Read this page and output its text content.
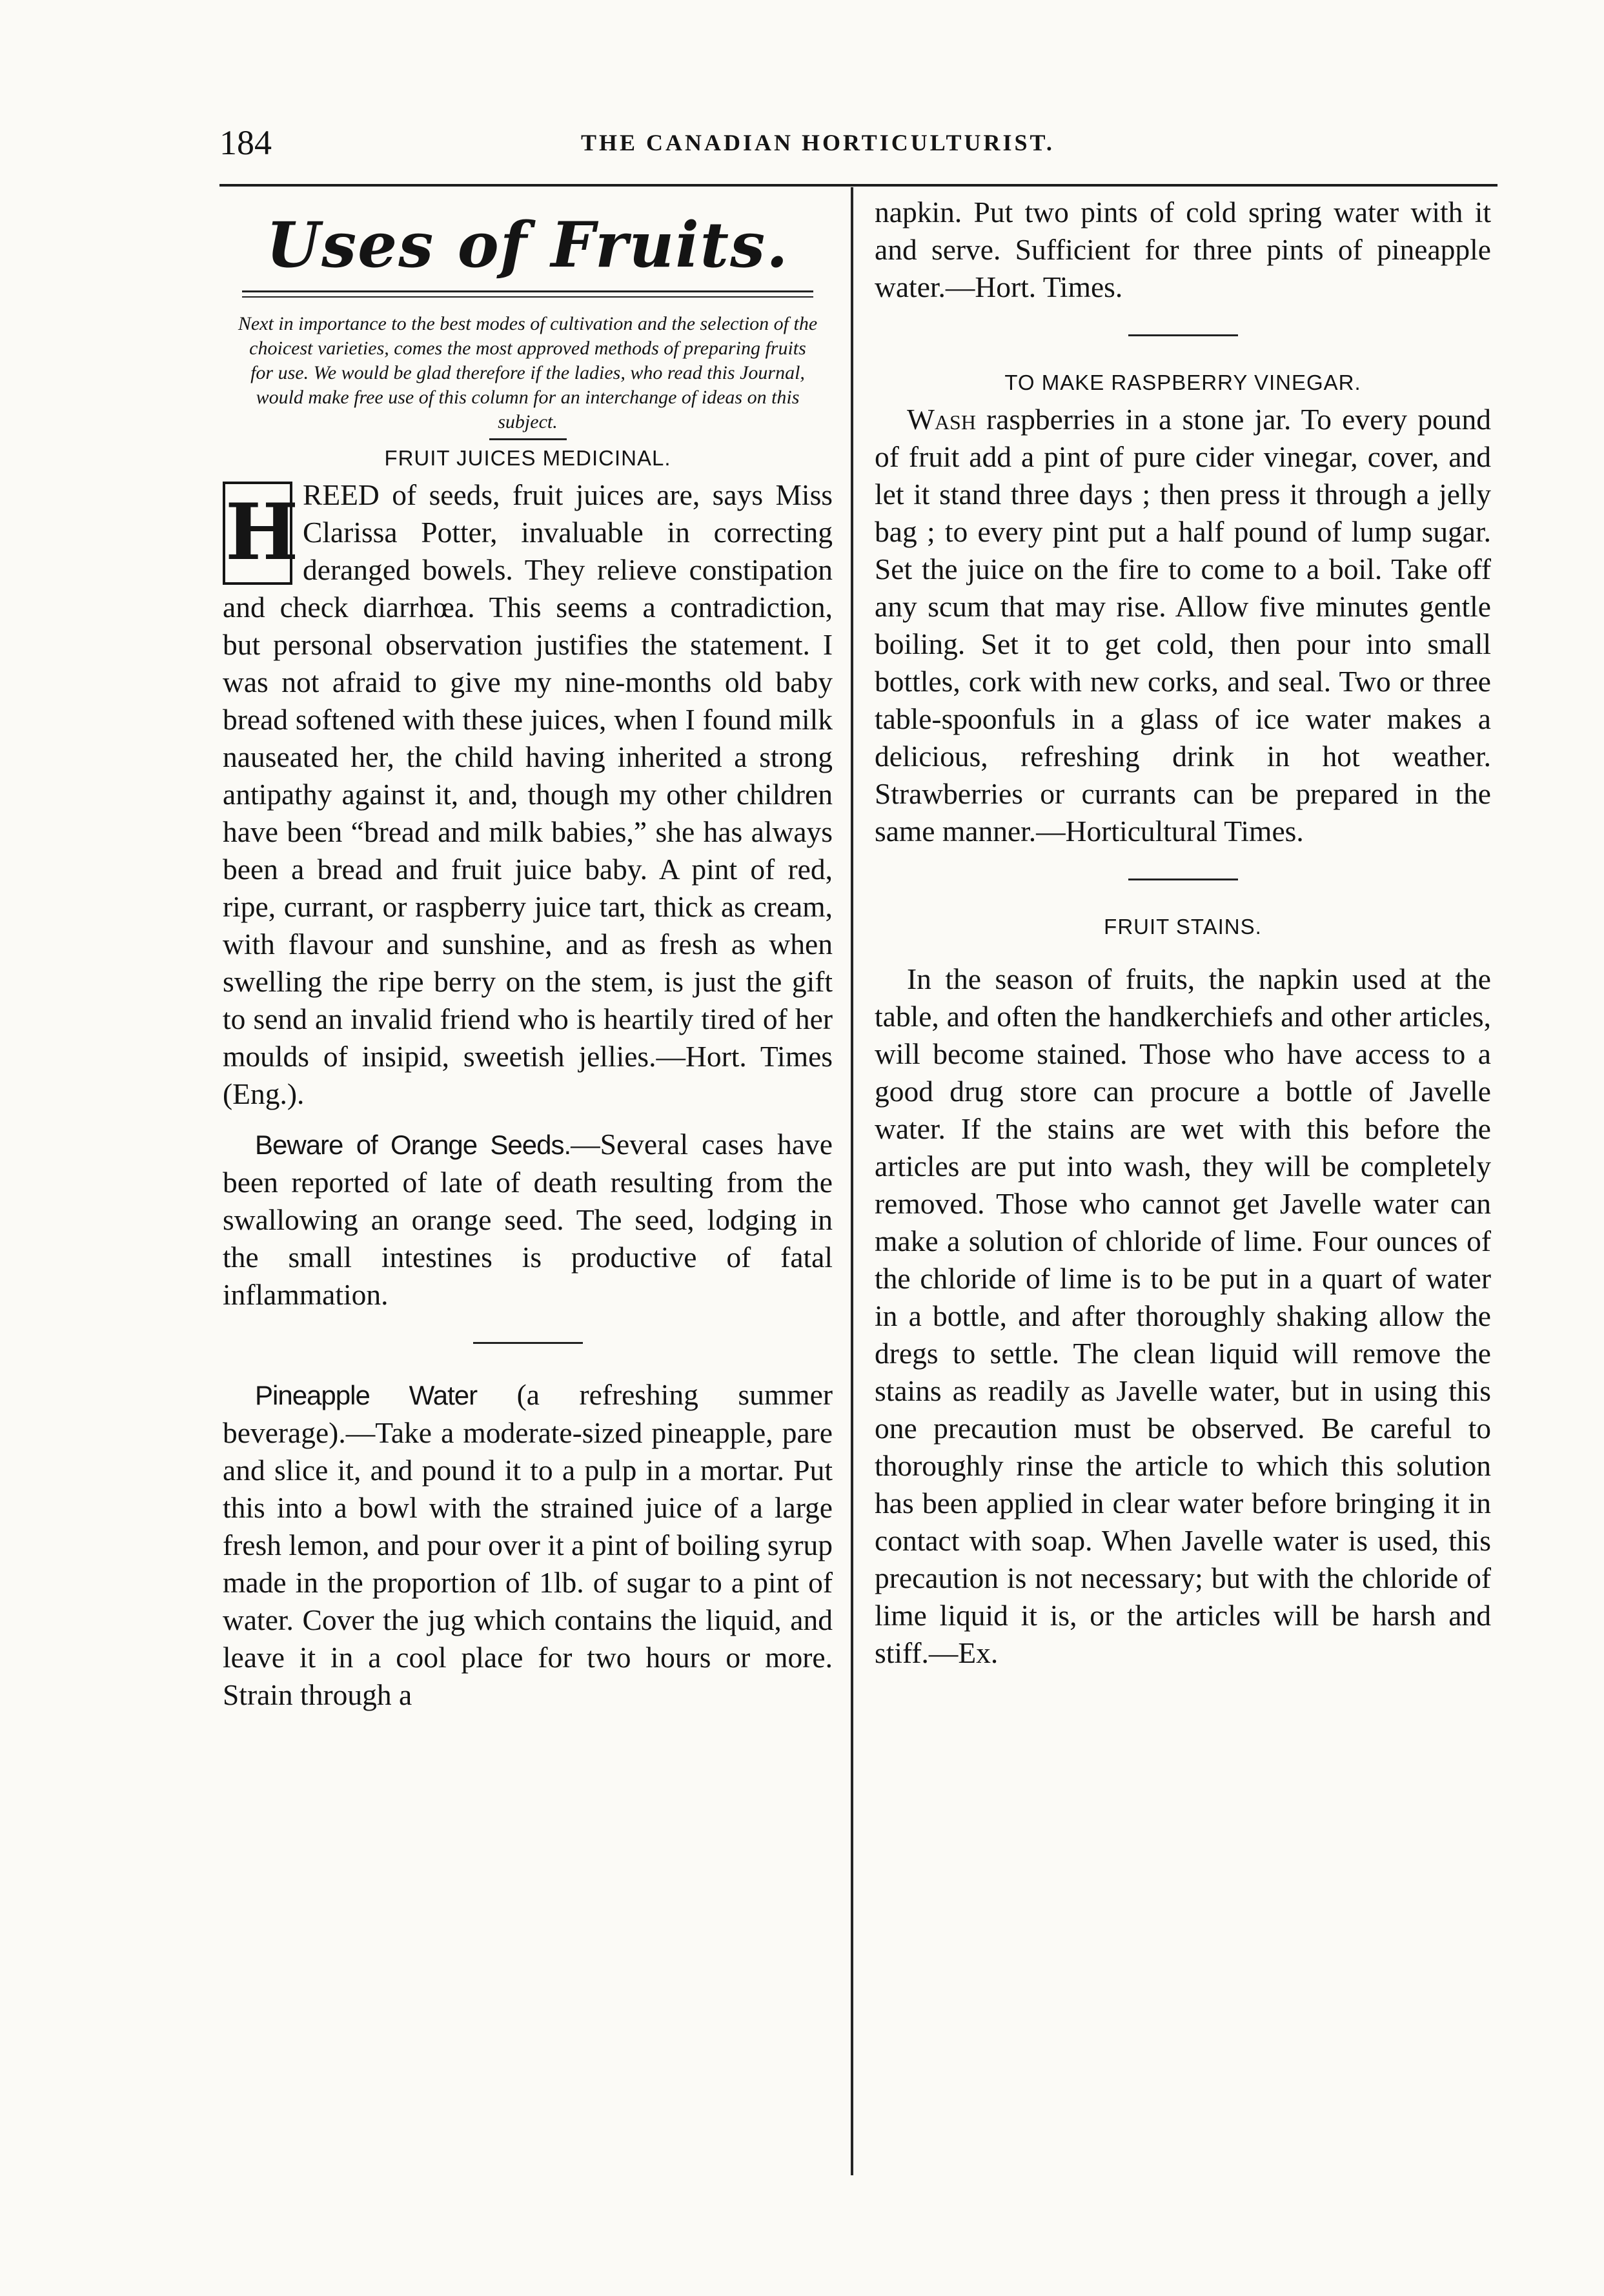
184	THE CANADIAN HORTICULTURIST.
Uses of Fruits.
Next in importance to the best modes of cultivation and the selection of the choicest varieties, comes the most approved methods of preparing fruits for use. We would be glad therefore if the ladies, who read this Journal, would make free use of this column for an interchange of ideas on this subject.
FRUIT JUICES MEDICINAL.
H REED of seeds, fruit juices are, says Miss Clarissa Potter, invaluable in correcting deranged bowels. They relieve constipation and check diarrhœa. This seems a contradiction, but personal observation justifies the statement. I was not afraid to give my nine-months old baby bread softened with these juices, when I found milk nauseated her, the child having inherited a strong antipathy against it, and, though my other children have been “bread and milk babies,” she has always been a bread and fruit juice baby. A pint of red, ripe, currant, or raspberry juice tart, thick as cream, with flavour and sunshine, and as fresh as when swelling the ripe berry on the stem, is just the gift to send an invalid friend who is heartily tired of her moulds of insipid, sweetish jellies.—Hort. Times (Eng.).

Beware of Orange Seeds.—Several cases have been reported of late of death resulting from the swallowing an orange seed. The seed, lodging in the small intestines is productive of fatal inflammation.

Pineapple Water (a refreshing summer beverage).—Take a moderate-sized pineapple, pare and slice it, and pound it to a pulp in a mortar. Put this into a bowl with the strained juice of a large fresh lemon, and pour over it a pint of boiling syrup made in the proportion of 1lb. of sugar to a pint of water. Cover the jug which contains the liquid, and leave it in a cool place for two hours or more. Strain through a

napkin. Put two pints of cold spring water with it and serve. Sufficient for three pints of pineapple water.—Hort. Times.

TO MAKE RASPBERRY VINEGAR.

Wash raspberries in a stone jar. To every pound of fruit add a pint of pure cider vinegar, cover, and let it stand three days ; then press it through a jelly bag ; to every pint put a half pound of lump sugar. Set the juice on the fire to come to a boil. Take off any scum that may rise. Allow five minutes gentle boiling. Set it to get cold, then pour into small bottles, cork with new corks, and seal. Two or three table-spoonfuls in a glass of ice water makes a delicious, refreshing drink in hot weather. Strawberries or currants can be prepared in the same manner.—Horticultural Times.

FRUIT STAINS.

In the season of fruits, the napkin used at the table, and often the handkerchiefs and other articles, will become stained. Those who have access to a good drug store can procure a bottle of Javelle water. If the stains are wet with this before the articles are put into wash, they will be completely removed. Those who cannot get Javelle water can make a solution of chloride of lime. Four ounces of the chloride of lime is to be put in a quart of water in a bottle, and after thoroughly shaking allow the dregs to settle. The clean liquid will remove the stains as readily as Javelle water, but in using this one precaution must be observed. Be careful to thoroughly rinse the article to which this solution has been applied in clear water before bringing it in contact with soap. When Javelle water is used, this precaution is not necessary; but with the chloride of lime liquid it is, or the articles will be harsh and stiff.—Ex.
